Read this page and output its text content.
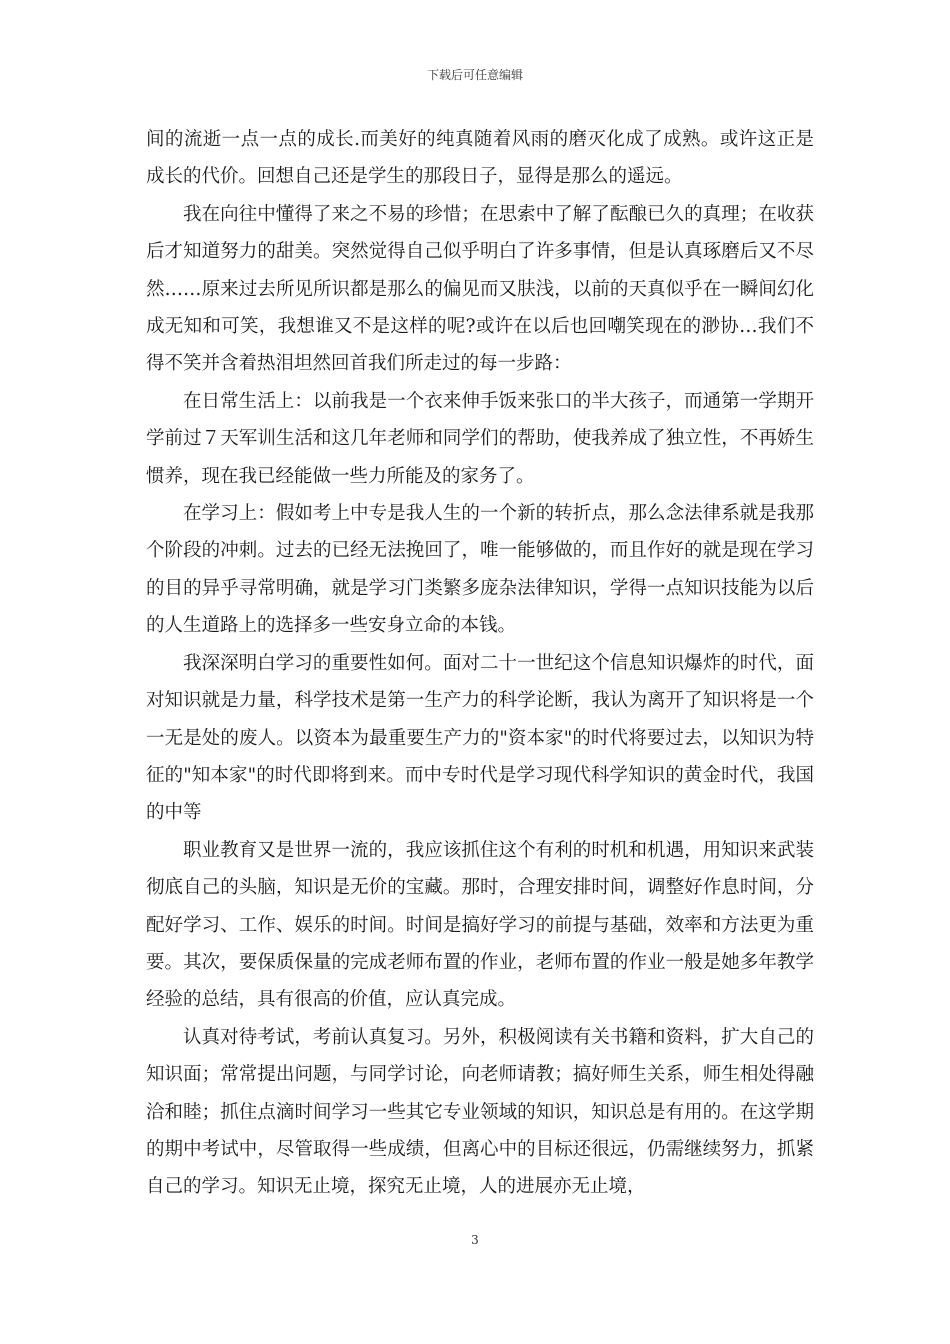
下载后可任意编辑

间的流逝一点一点的成长.而美好的纯真随着风雨的磨灭化成了成熟。或许这正是成长的代价。回想自己还是学生的那段日子，显得是那么的遥远。

我在向往中懂得了来之不易的珍惜；在思索中了解了酝酿已久的真理；在收获后才知道努力的甜美。突然觉得自己似乎明白了许多事情，但是认真琢磨后又不尽然……原来过去所见所识都是那么的偏见而又肤浅，以前的天真似乎在一瞬间幻化成无知和可笑，我想谁又不是这样的呢?或许在以后也回嘲笑现在的渺协…我们不得不笑并含着热泪坦然回首我们所走过的每一步路：

在日常生活上：以前我是一个衣来伸手饭来张口的半大孩子，而通第一学期开学前过７天军训生活和这几年老师和同学们的帮助，使我养成了独立性，不再娇生惯养，现在我已经能做一些力所能及的家务了。

在学习上：假如考上中专是我人生的一个新的转折点，那么念法律系就是我那个阶段的冲刺。过去的已经无法挽回了，唯一能够做的，而且作好的就是现在学习的目的异乎寻常明确，就是学习门类繁多庞杂法律知识，学得一点知识技能为以后的人生道路上的选择多一些安身立命的本钱。

我深深明白学习的重要性如何。面对二十一世纪这个信息知识爆炸的时代，面对知识就是力量，科学技术是第一生产力的科学论断，我认为离开了知识将是一个一无是处的废人。以资本为最重要生产力的"资本家"的时代将要过去，以知识为特征的"知本家"的时代即将到来。而中专时代是学习现代科学知识的黄金时代，我国的中等

职业教育又是世界一流的，我应该抓住这个有利的时机和机遇，用知识来武装彻底自己的头脑，知识是无价的宝藏。那时，合理安排时间，调整好作息时间，分配好学习、工作、娱乐的时间。时间是搞好学习的前提与基础，效率和方法更为重要。其次，要保质保量的完成老师布置的作业，老师布置的作业一般是她多年教学经验的总结，具有很高的价值，应认真完成。

认真对待考试，考前认真复习。另外，积极阅读有关书籍和资料，扩大自己的知识面；常常提出问题，与同学讨论，向老师请教；搞好师生关系，师生相处得融洽和睦；抓住点滴时间学习一些其它专业领域的知识，知识总是有用的。在这学期的期中考试中，尽管取得一些成绩，但离心中的目标还很远，仍需继续努力，抓紧自己的学习。知识无止境，探究无止境，人的进展亦无止境，

3
